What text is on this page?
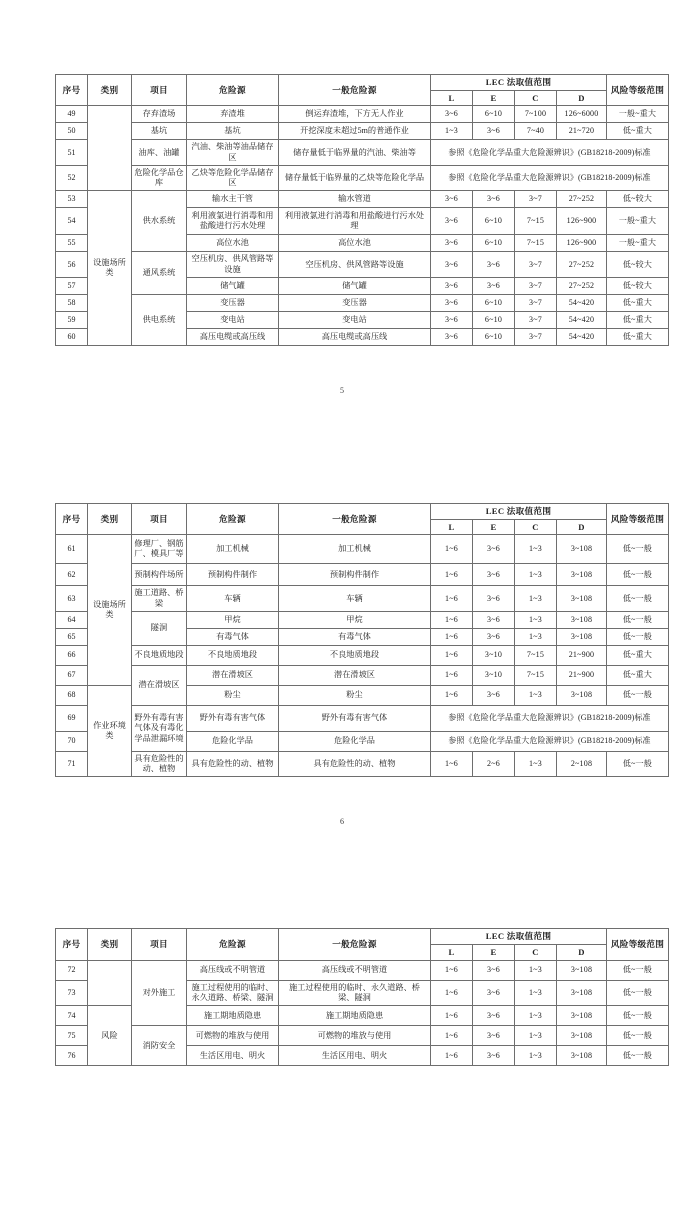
序号	类别	项目	危险源	一般危险源	LEC 法取值范围				风险等级范围
					L	E	C	D	
49		存弃渣场	弃渣堆	倒运弃渣堆，下方无人作业	3~6	6~10	7~100	126~6000	一般~重大
50		基坑	基坑	开挖深度未超过5m的普通作业	1~3	3~6	7~40	21~720	低~重大
51		油库、油罐	汽油、柴油等油品储存区	储存量低于临界量的汽油、柴油等	参照《危险化学品重大危险源辨识》(GB18218-2009)标准				
52		危险化学品仓库	乙炔等危险化学品储存区	储存量低于临界量的乙炔等危险化学品	参照《危险化学品重大危险源辨识》(GB18218-2009)标准				
53	设施场所类	供水系统	输水主干管	输水管道	3~6	3~6	3~7	27~252	低~较大
54			利用液氯进行消毒和用盐酸进行污水处理	利用液氯进行消毒和用盐酸进行污水处理	3~6	6~10	7~15	126~900	一般~重大
55			高位水池	高位水池	3~6	6~10	7~15	126~900	一般~重大
56		通风系统	空压机房、供风管路等设施	空压机房、供风管路等设施	3~6	3~6	3~7	27~252	低~较大
57			储气罐	储气罐	3~6	3~6	3~7	27~252	低~较大
58		供电系统	变压器	变压器	3~6	6~10	3~7	54~420	低~重大
59			变电站	变电站	3~6	6~10	3~7	54~420	低~重大
60			高压电缆或高压线	高压电缆或高压线	3~6	6~10	3~7	54~420	低~重大
5
序号	类别	项目	危险源	一般危险源	LEC 法取值范围				风险等级范围
					L	E	C	D	
61	设施场所类	修理厂、钢筋厂、模具厂等	加工机械	加工机械	1~6	3~6	1~3	3~108	低~一般
62		预制构件场所	预制构件制作	预制构件制作	1~6	3~6	1~3	3~108	低~一般
63		施工道路、桥梁	车辆	车辆	1~6	3~6	1~3	3~108	低~一般
64		隧洞	甲烷	甲烷	1~6	3~6	1~3	3~108	低~一般
65			有毒气体	有毒气体	1~6	3~6	1~3	3~108	低~一般
66		不良地质地段	不良地质地段	不良地质地段	1~6	3~10	7~15	21~900	低~重大
67		潜在滑坡区	潜在滑坡区	潜在滑坡区	1~6	3~10	7~15	21~900	低~重大
68	作业环境类		粉尘	粉尘	1~6	3~6	1~3	3~108	低~一般
69		野外有毒有害气体及有毒化学品泄漏环境	野外有毒有害气体	野外有毒有害气体	参照《危险化学品重大危险源辨识》(GB18218-2009)标准				
70			危险化学品	危险化学品	参照《危险化学品重大危险源辨识》(GB18218-2009)标准				
71		具有危险性的动、植物	具有危险性的动、植物	具有危险性的动、植物	1~6	2~6	1~3	2~108	低~一般
6
序号	类别	项目	危险源	一般危险源	LEC 法取值范围				风险等级范围
					L	E	C	D	
72		对外施工	高压线或不明管道	高压线或不明管道	1~6	3~6	1~3	3~108	低~一般
73			施工过程使用的临时、永久道路、桥梁、隧洞	施工过程使用的临时、永久道路、桥梁、隧洞	1~6	3~6	1~3	3~108	低~一般
74	风险		施工期地质隐患	施工期地质隐患	1~6	3~6	1~3	3~108	低~一般
75		消防安全	可燃物的堆放与使用	可燃物的堆放与使用	1~6	3~6	1~3	3~108	低~一般
76			生活区用电、明火	生活区用电、明火	1~6	3~6	1~3	3~108	低~一般
